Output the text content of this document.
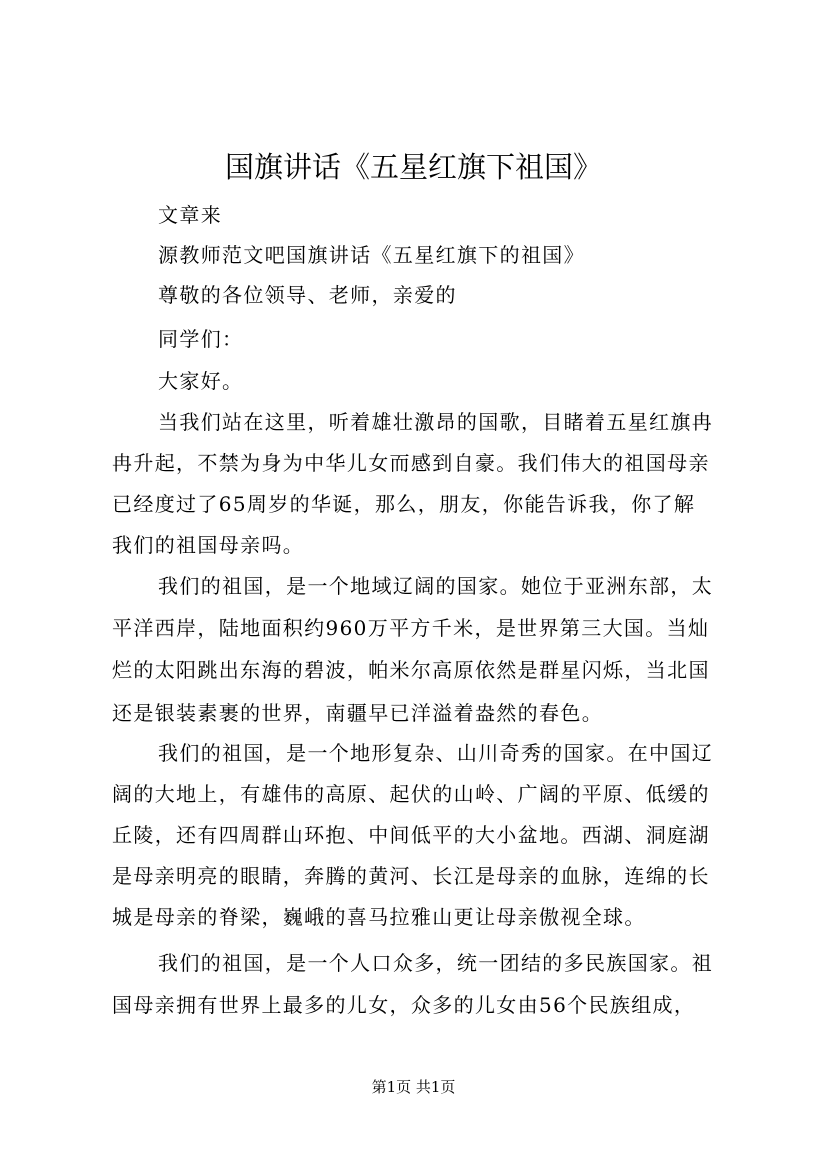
国旗讲话《五星红旗下祖国》

文章来

源教师范文吧国旗讲话《五星红旗下的祖国》

尊敬的各位领导、老师，亲爱的

同学们：

大家好。

当我们站在这里，听着雄壮激昂的国歌，目睹着五星红旗冉

冉升起，不禁为身为中华儿女而感到自豪。我们伟大的祖国母亲

已经度过了65周岁的华诞，那么，朋友，你能告诉我，你了解

我们的祖国母亲吗。

我们的祖国，是一个地域辽阔的国家。她位于亚洲东部，太

平洋西岸，陆地面积约960万平方千米，是世界第三大国。当灿

烂的太阳跳出东海的碧波，帕米尔高原依然是群星闪烁，当北国

还是银装素裹的世界，南疆早已洋溢着盎然的春色。

我们的祖国，是一个地形复杂、山川奇秀的国家。在中国辽

阔的大地上，有雄伟的高原、起伏的山岭、广阔的平原、低缓的

丘陵，还有四周群山环抱、中间低平的大小盆地。西湖、洞庭湖

是母亲明亮的眼睛，奔腾的黄河、长江是母亲的血脉，连绵的长

城是母亲的脊梁，巍峨的喜马拉雅山更让母亲傲视全球。

我们的祖国，是一个人口众多，统一团结的多民族国家。祖

国母亲拥有世界上最多的儿女，众多的儿女由56个民族组成，

第1页 共1页
